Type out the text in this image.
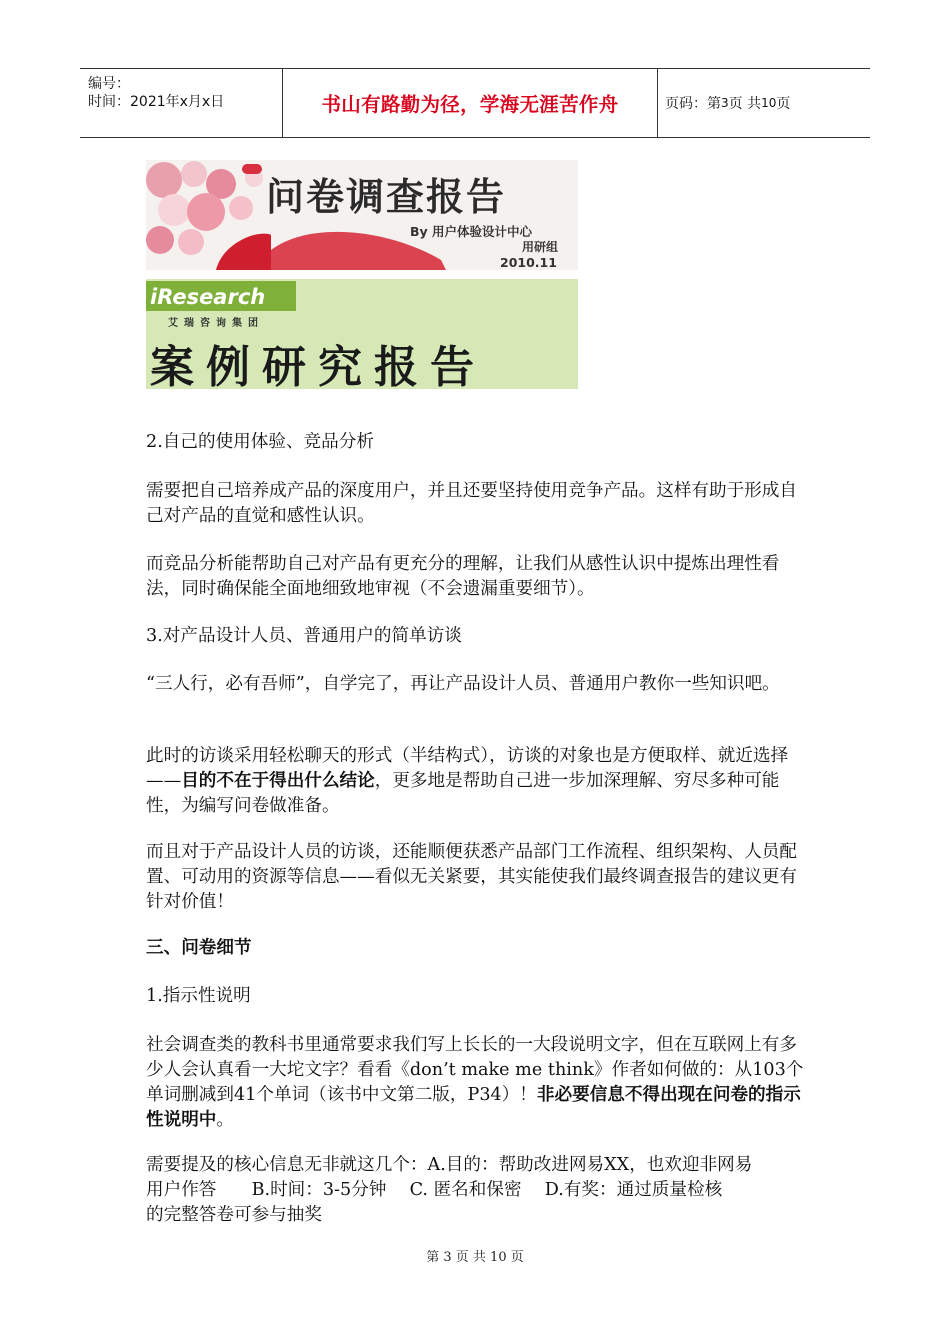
编号：
时间：2021年x月x日	书山有路勤为径，学海无涯苦作舟	页码：第 3 页 共 10 页
问卷调查报告
By 用户体验设计中心
用研组
2010.11
iResearch
艾瑞咨询集团
案例研究报告

2.自己的使用体验、竞品分析

需要把自己培养成产品的深度用户，并且还要坚持使用竞争产品。这样有助于形成自己对产品的直觉和感性认识。

而竞品分析能帮助自己对产品有更充分的理解，让我们从感性认识中提炼出理性看法，同时确保能全面地细致地审视（不会遗漏重要细节）。

3.对产品设计人员、普通用户的简单访谈

“三人行，必有吾师”，自学完了，再让产品设计人员、普通用户教你一些知识吧。

此时的访谈采用轻松聊天的形式（半结构式），访谈的对象也是方便取样、就近选择——目的不在于得出什么结论，更多地是帮助自己进一步加深理解、穷尽多种可能性，为编写问卷做准备。

而且对于产品设计人员的访谈，还能顺便获悉产品部门工作流程、组织架构、人员配置、可动用的资源等信息——看似无关紧要，其实能使我们最终调查报告的建议更有针对价值！

三、问卷细节

1.指示性说明

社会调查类的教科书里通常要求我们写上长长的一大段说明文字，但在互联网上有多少人会认真看一大坨文字？看看《don’t make me think》作者如何做的：从103个单词删减到41个单词（该书中文第二版，P34）！非必要信息不得出现在问卷的指示性说明中。

需要提及的核心信息无非就这几个：A.目的：帮助改进网易XX，也欢迎非网易
用户作答　　B.时间：3-5分钟　 C. 匿名和保密　 D.有奖：通过质量检核
的完整答卷可参与抽奖

第 3 页 共 10 页
